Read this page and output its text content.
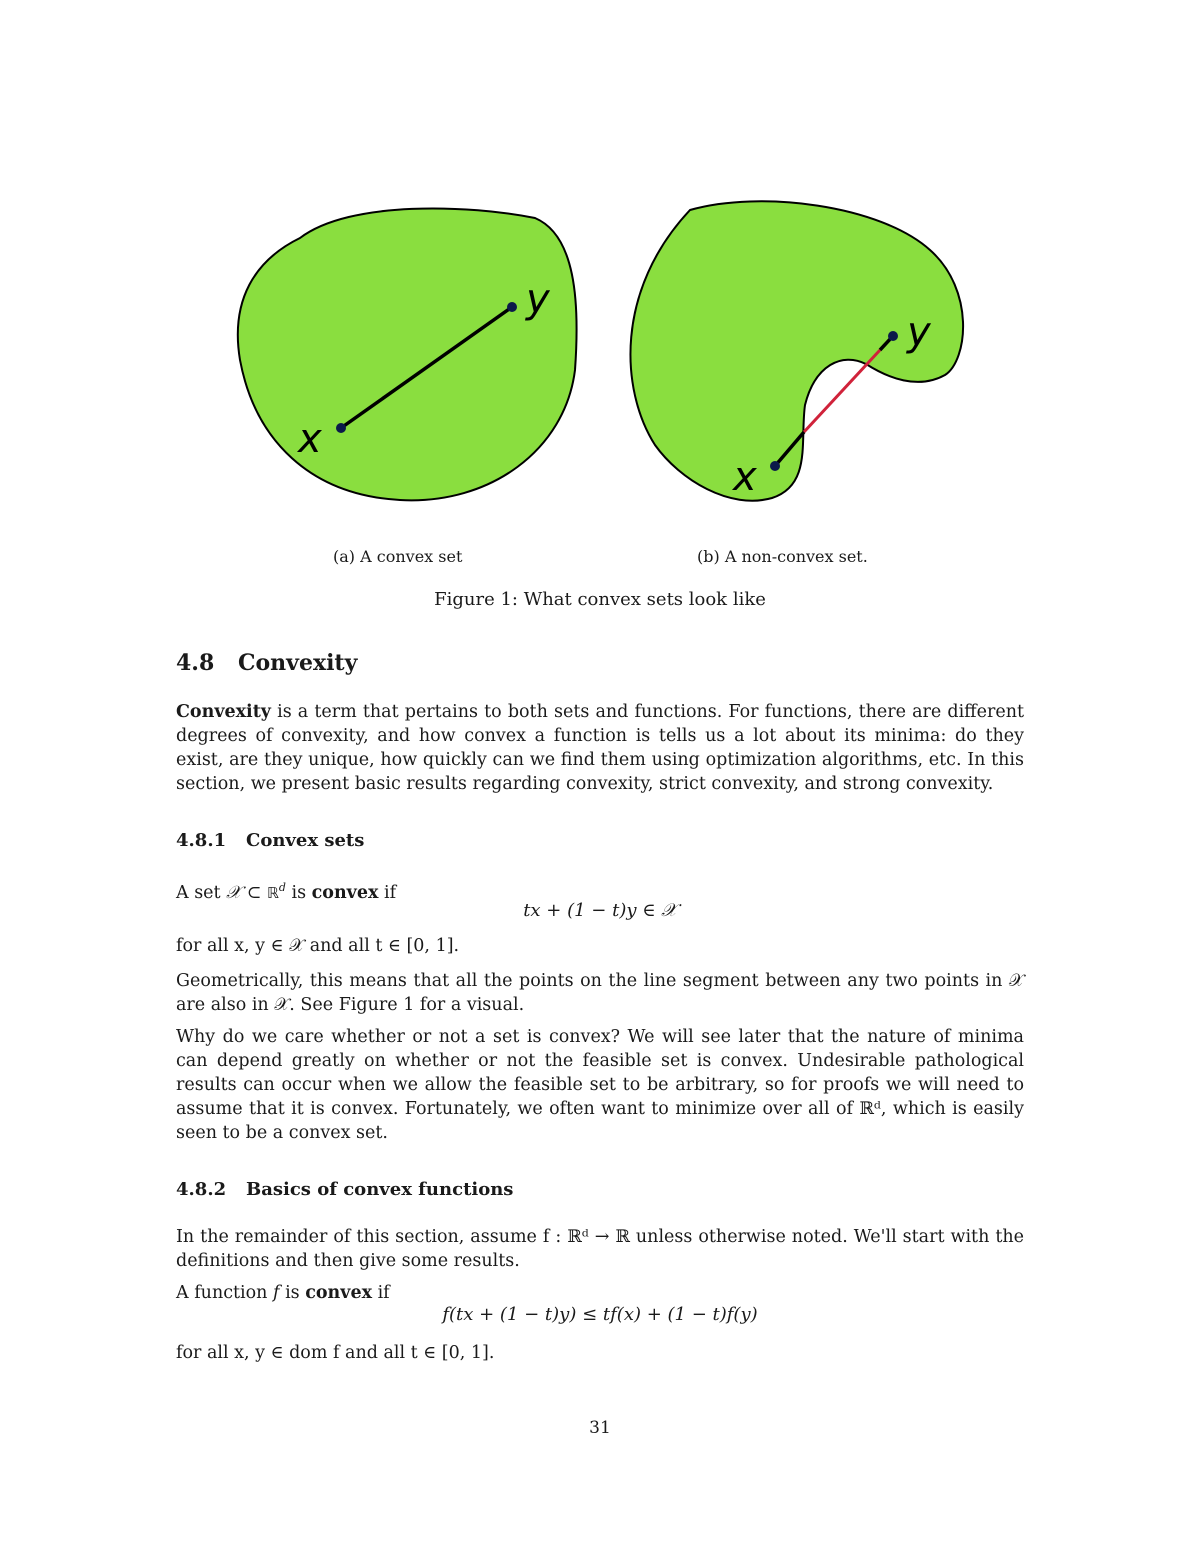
x
y
x
y
(a) A convex set	(b) A non-convex set.
Figure 1: What convex sets look like
4.8 Convexity

Convexity is a term that pertains to both sets and functions. For functions, there are different degrees of convexity, and how convex a function is tells us a lot about its minima: do they exist, are they unique, how quickly can we find them using optimization algorithms, etc. In this section, we present basic results regarding convexity, strict convexity, and strong convexity.

4.8.1 Convex sets

A set 𝒳 ⊂ ℝ$^d$ is convex if

tx + (1 − t)y ∈ 𝒳

for all x, y ∈ 𝒳 and all t ∈ [0, 1].

Geometrically, this means that all the points on the line segment between any two points in 𝒳 are also in 𝒳. See Figure 1 for a visual.

Why do we care whether or not a set is convex? We will see later that the nature of minima can depend greatly on whether or not the feasible set is convex. Undesirable pathological results can occur when we allow the feasible set to be arbitrary, so for proofs we will need to assume that it is convex. Fortunately, we often want to minimize over all of ℝᵈ, which is easily seen to be a convex set.

4.8.2 Basics of convex functions

In the remainder of this section, assume f : ℝᵈ → ℝ unless otherwise noted. We'll start with the definitions and then give some results.

A function f is convex if

f(tx + (1 − t)y) ≤ tf(x) + (1 − t)f(y)

for all x, y ∈ dom f and all t ∈ [0, 1].

31
